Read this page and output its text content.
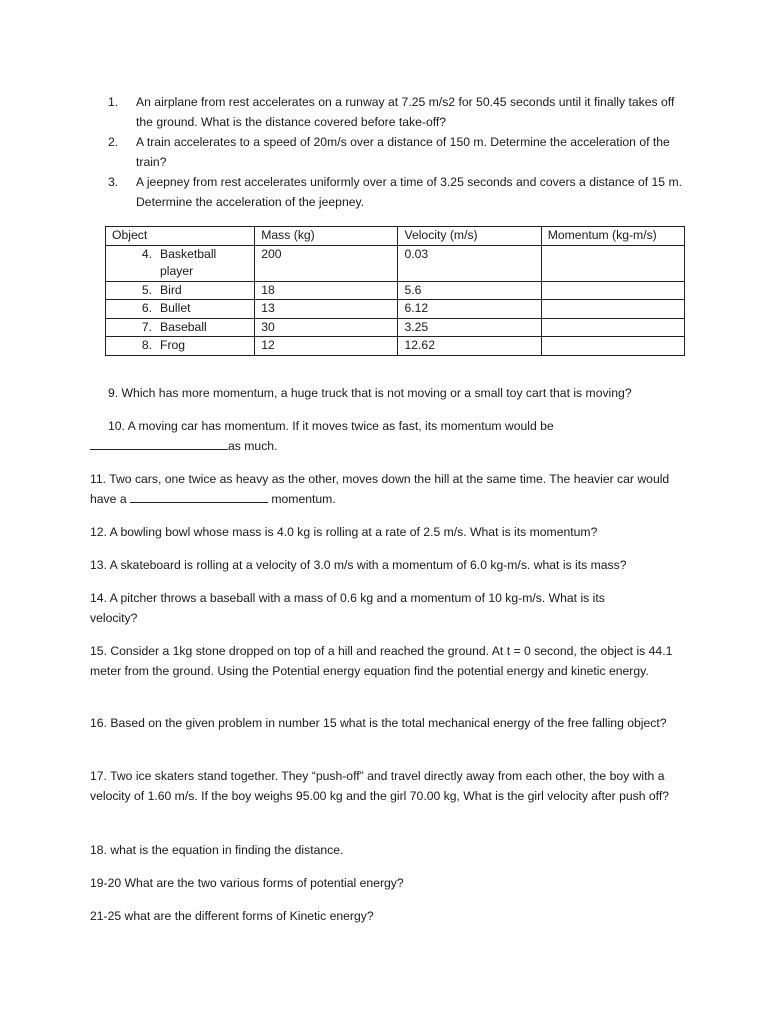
1.	An airplane from rest accelerates on a runway at 7.25 m/s2 for 50.45 seconds until it finally takes off the ground. What is the distance covered before take-off?
2.	A train accelerates to a speed of 20m/s over a distance of 150 m. Determine the acceleration of the train?
3.	A jeepney from rest accelerates uniformly over a time of 3.25 seconds and covers a distance of 15 m. Determine the acceleration of the jeepney.
Object	Mass (kg)	Velocity (m/s)	Momentum (kg-m/s)

4. Basketball player	200	0.03	

5. Bird	18	5.6	

6. Bullet	13	6.12	

7. Baseball	30	3.25	

8. Frog	12	12.62	
9. Which has more momentum, a huge truck that is not moving or a small toy cart that is moving?
10. A moving car has momentum. If it moves twice as fast, its momentum would be
as much.
11. Two cars, one twice as heavy as the other, moves down the hill at the same time. The heavier car would have a	momentum.
12. A bowling bowl whose mass is 4.0 kg is rolling at a rate of 2.5 m/s. What is its momentum?
13. A skateboard is rolling at a velocity of 3.0 m/s with a momentum of 6.0 kg-m/s. what is its mass?
14. A pitcher throws a baseball with a mass of 0.6 kg and a momentum of 10 kg-m/s. What is its velocity?
15. Consider a 1kg stone dropped on top of a hill and reached the ground. At t = 0 second, the object is 44.1 meter from the ground. Using the Potential energy equation find the potential energy and kinetic energy.
16. Based on the given problem in number 15 what is the total mechanical energy of the free falling object?
17. Two ice skaters stand together. They “push-off” and travel directly away from each other, the boy with a velocity of 1.60 m/s. If the boy weighs 95.00 kg and the girl 70.00 kg, What is the girl velocity after push off?
18. what is the equation in finding the distance.
19-20 What are the two various forms of potential energy?
21-25 what are the different forms of Kinetic energy?
